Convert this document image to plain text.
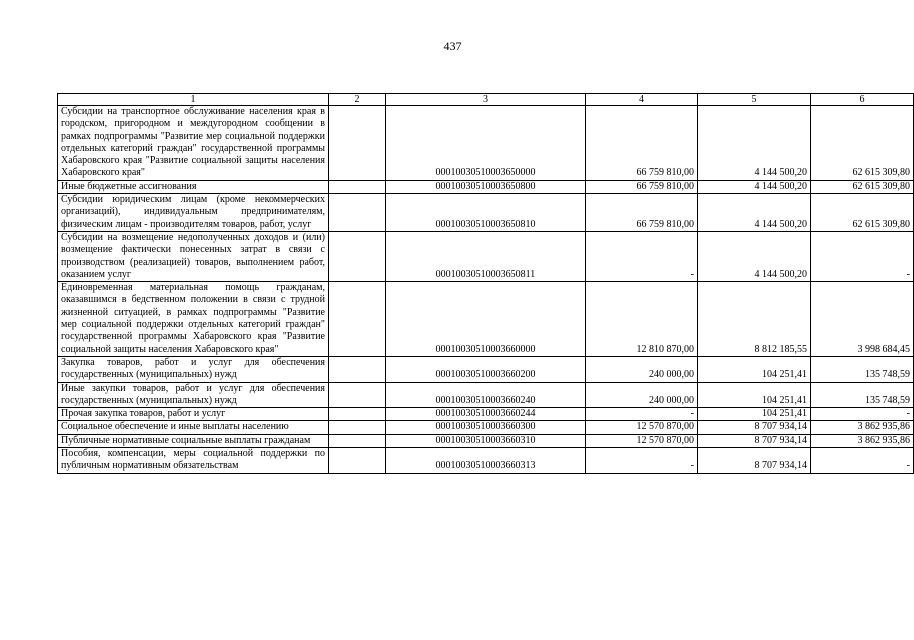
437
1	2	3	4	5	6
Субсидии на транспортное обслуживание населения края в городском, пригородном и междугородном сообщении в рамках подпрограммы "Развитие мер социальной поддержки отдельных категорий граждан" государственной программы Хабаровского края "Развитие социальной защиты населения Хабаровского края"		00010030510003650000	66 759 810,00	4 144 500,20	62 615 309,80
Иные бюджетные ассигнования		00010030510003650800	66 759 810,00	4 144 500,20	62 615 309,80
Субсидии юридическим лицам (кроме некоммерческих организаций), индивидуальным предпринимателям, физическим лицам - производителям товаров, работ, услуг		00010030510003650810	66 759 810,00	4 144 500,20	62 615 309,80
Субсидии на возмещение недополученных доходов и (или) возмещение фактически понесенных затрат в связи с производством (реализацией) товаров, выполнением работ, оказанием услуг		00010030510003650811	-	4 144 500,20	-
Единовременная материальная помощь гражданам, оказавшимся в бедственном положении в связи с трудной жизненной ситуацией, в рамках подпрограммы "Развитие мер социальной поддержки отдельных категорий граждан" государственной программы Хабаровского края "Развитие социальной защиты населения Хабаровского края"		00010030510003660000	12 810 870,00	8 812 185,55	3 998 684,45
Закупка товаров, работ и услуг для обеспечения государственных (муниципальных) нужд		00010030510003660200	240 000,00	104 251,41	135 748,59
Иные закупки товаров, работ и услуг для обеспечения государственных (муниципальных) нужд		00010030510003660240	240 000,00	104 251,41	135 748,59
Прочая закупка товаров, работ и услуг		00010030510003660244	-	104 251,41	-
Социальное обеспечение и иные выплаты населению		00010030510003660300	12 570 870,00	8 707 934,14	3 862 935,86
Публичные нормативные социальные выплаты гражданам		00010030510003660310	12 570 870,00	8 707 934,14	3 862 935,86
Пособия, компенсации, меры социальной поддержки по публичным нормативным обязательствам		00010030510003660313	-	8 707 934,14	-
